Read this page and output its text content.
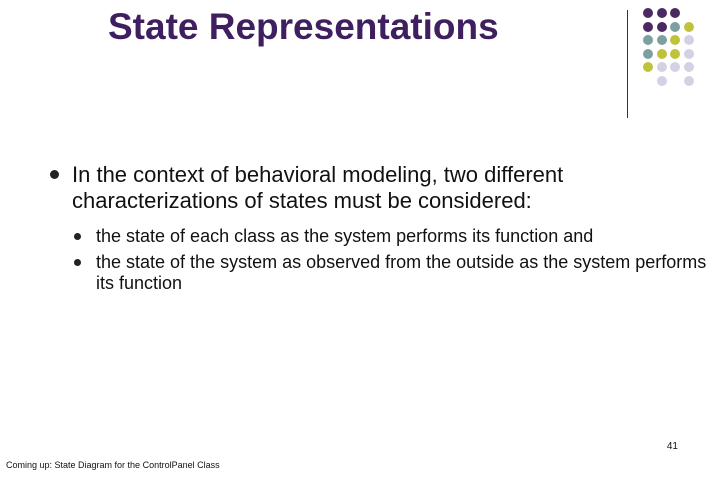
State Representations
In the context of behavioral modeling, two different characterizations of states must be considered:
the state of each class as the system performs its function and
the state of the system as observed from the outside as the system performs its function
41
Coming up: State Diagram for the ControlPanel Class
